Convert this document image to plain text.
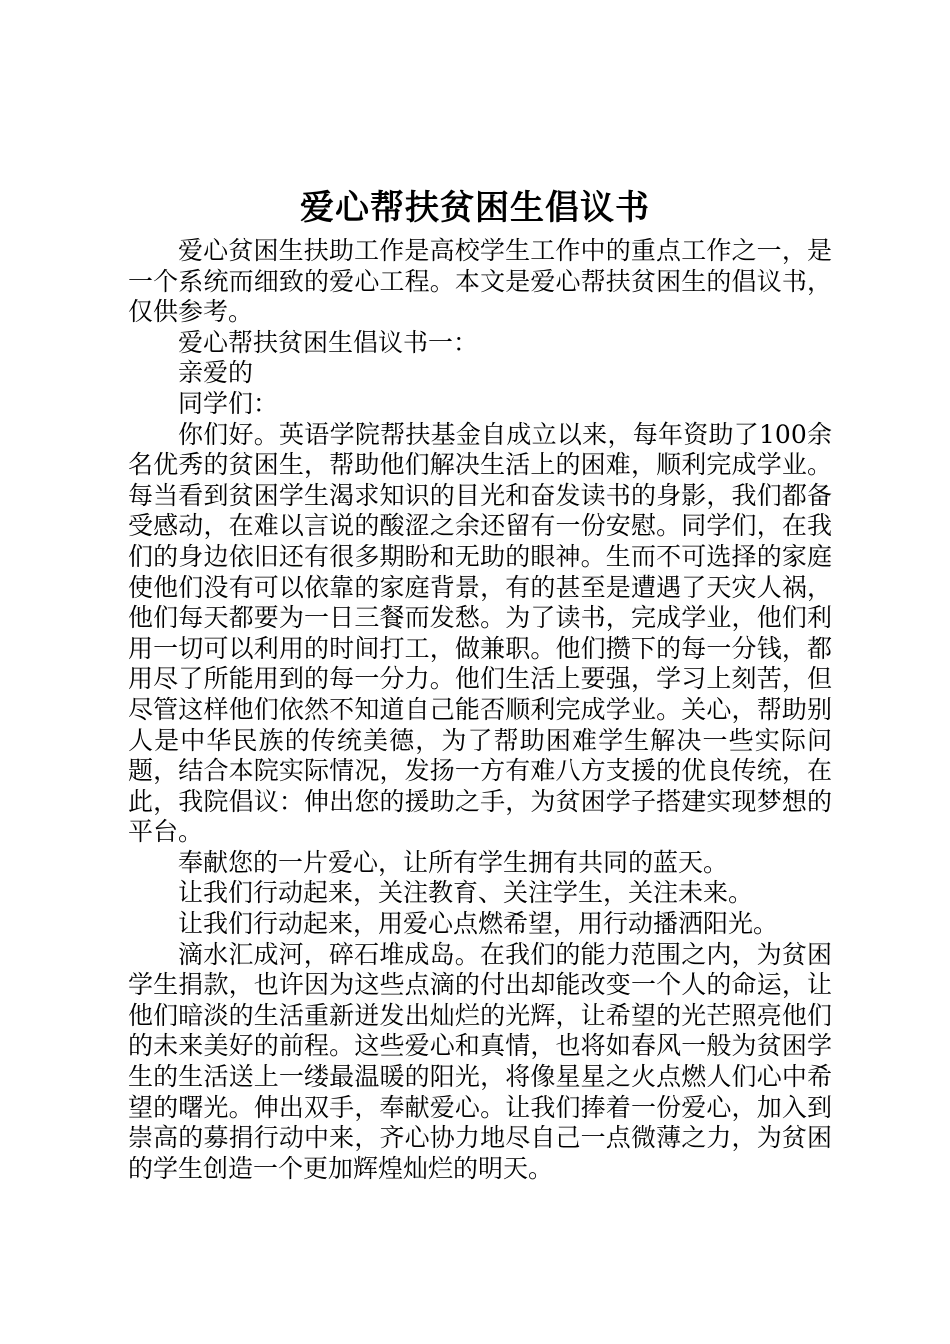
爱心帮扶贫困生倡议书

爱心贫困生扶助工作是高校学生工作中的重点工作之一，是一个系统而细致的爱心工程。本文是爱心帮扶贫困生的倡议书，仅供参考。

爱心帮扶贫困生倡议书一：

亲爱的

同学们：

你们好。英语学院帮扶基金自成立以来，每年资助了100余名优秀的贫困生，帮助他们解决生活上的困难，顺利完成学业。每当看到贫困学生渴求知识的目光和奋发读书的身影，我们都备受感动，在难以言说的酸涩之余还留有一份安慰。同学们，在我们的身边依旧还有很多期盼和无助的眼神。生而不可选择的家庭使他们没有可以依靠的家庭背景，有的甚至是遭遇了天灾人祸，他们每天都要为一日三餐而发愁。为了读书，完成学业，他们利用一切可以利用的时间打工，做兼职。他们攒下的每一分钱，都用尽了所能用到的每一分力。他们生活上要强，学习上刻苦，但尽管这样他们依然不知道自己能否顺利完成学业。关心，帮助别人是中华民族的传统美德，为了帮助困难学生解决一些实际问题，结合本院实际情况，发扬一方有难八方支援的优良传统，在此，我院倡议：伸出您的援助之手，为贫困学子搭建实现梦想的平台。

奉献您的一片爱心，让所有学生拥有共同的蓝天。

让我们行动起来，关注教育、关注学生，关注未来。

让我们行动起来，用爱心点燃希望，用行动播洒阳光。

滴水汇成河，碎石堆成岛。在我们的能力范围之内，为贫困学生捐款，也许因为这些点滴的付出却能改变一个人的命运，让他们暗淡的生活重新迸发出灿烂的光辉，让希望的光芒照亮他们的未来美好的前程。这些爱心和真情，也将如春风一般为贫困学生的生活送上一缕最温暖的阳光，将像星星之火点燃人们心中希望的曙光。伸出双手，奉献爱心。让我们捧着一份爱心，加入到崇高的募捐行动中来，齐心协力地尽自己一点微薄之力，为贫困的学生创造一个更加辉煌灿烂的明天。
